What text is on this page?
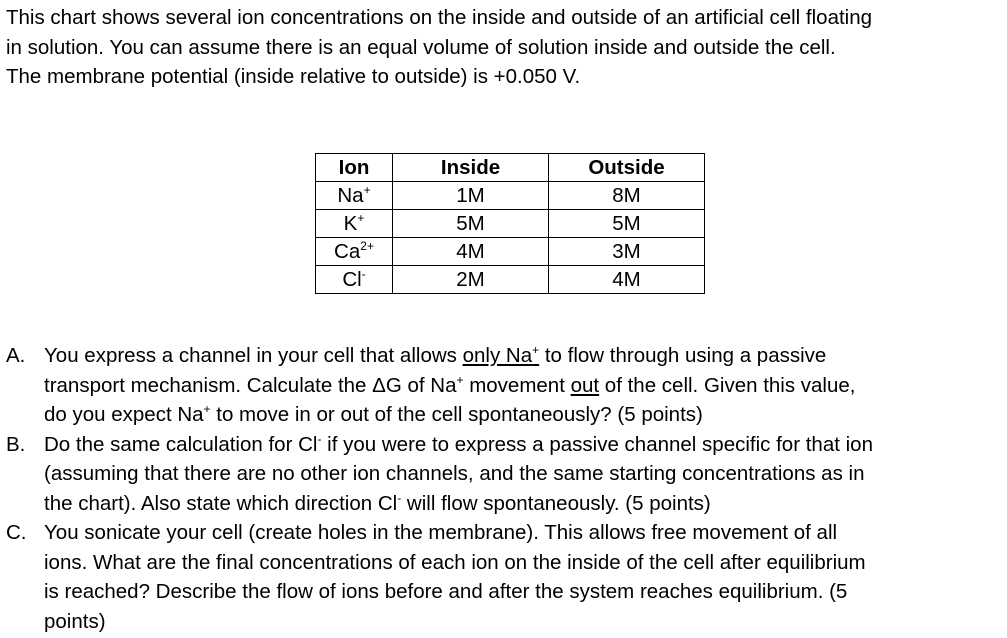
This chart shows several ion concentrations on the inside and outside of an artificial cell floating
in solution. You can assume there is an equal volume of solution inside and outside the cell.
The membrane potential (inside relative to outside) is +0.050 V.
Ion	Inside	Outside
Na+	1M	8M
K+	5M	5M
$Ca^{2+}$	4M	3M
Cl-	2M	4M
A. You express a channel in your cell that allows only Na+ to flow through using a passive
transport mechanism. Calculate the ΔG of Na+ movement out of the cell. Given this value,
do you expect Na+ to move in or out of the cell spontaneously? (5 points)
B. Do the same calculation for Cl- if you were to express a passive channel specific for that ion
(assuming that there are no other ion channels, and the same starting concentrations as in
the chart). Also state which direction Cl- will flow spontaneously. (5 points)
C. You sonicate your cell (create holes in the membrane). This allows free movement of all
ions. What are the final concentrations of each ion on the inside of the cell after equilibrium
is reached? Describe the flow of ions before and after the system reaches equilibrium. (5
points)
